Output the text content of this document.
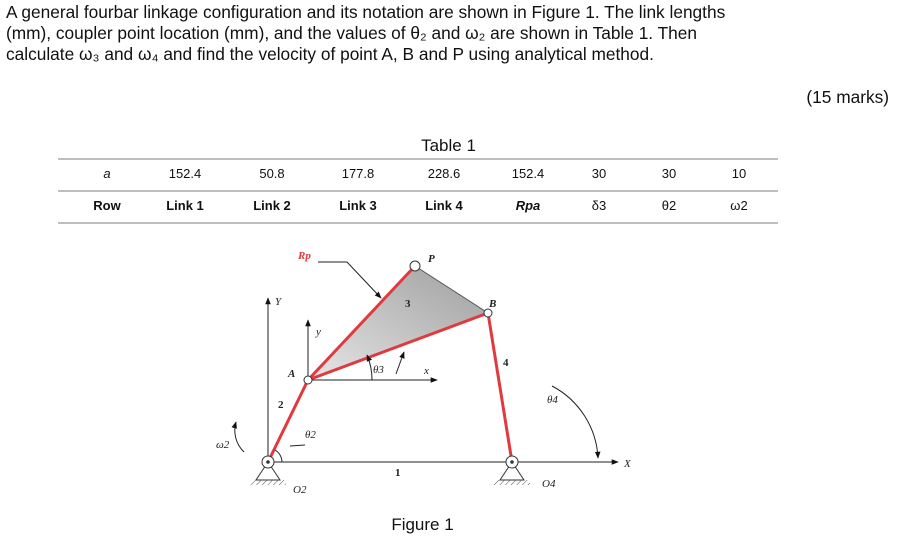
A general fourbar linkage configuration and its notation are shown in Figure 1. The link lengths

(mm), coupler point location (mm), and the values of θ₂ and ω₂ are shown in Table 1. Then

calculate ω₃ and ω₄ and find the velocity of point A, B and P using analytical method.

(15 marks)
Table 1
a	152.4	50.8	177.8	228.6	152.4	30	30	10
Row	Link 1	Link 2	Link 3	Link 4	Rpa	δ3	θ2	ω2
Rp	P
B
A
3
4
2
1
Y
y
x
X
θ3
θ4
θ2
ω2
O2	O4
Figure 1
